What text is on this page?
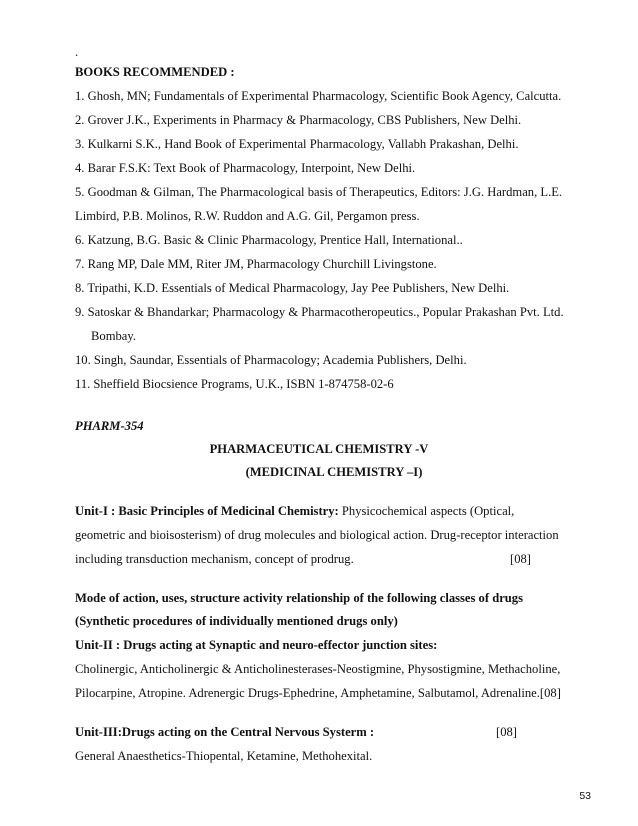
.
BOOKS RECOMMENDED :
1. Ghosh, MN; Fundamentals of Experimental Pharmacology, Scientific Book Agency, Calcutta.
2. Grover J.K., Experiments in Pharmacy & Pharmacology, CBS Publishers, New Delhi.
3. Kulkarni S.K., Hand Book of Experimental Pharmacology, Vallabh Prakashan, Delhi.
4. Barar F.S.K: Text Book of Pharmacology, Interpoint, New Delhi.
5. Goodman & Gilman, The Pharmacological basis of Therapeutics, Editors: J.G. Hardman, L.E.
Limbird, P.B. Molinos, R.W. Ruddon and A.G. Gil, Pergamon press.
6. Katzung, B.G. Basic & Clinic Pharmacology, Prentice Hall, International..
7. Rang MP, Dale MM, Riter JM, Pharmacology Churchill Livingstone.
8. Tripathi, K.D. Essentials of Medical Pharmacology, Jay Pee Publishers, New Delhi.
9. Satoskar & Bhandarkar; Pharmacology & Pharmacotheropeutics., Popular Prakashan Pvt. Ltd.
Bombay.
10. Singh, Saundar, Essentials of Pharmacology; Academia Publishers, Delhi.
11. Sheffield Biocsience Programs, U.K., ISBN 1-874758-02-6
PHARM-354
PHARMACEUTICAL CHEMISTRY -V
(MEDICINAL CHEMISTRY –I)
Unit-I : Basic Principles of Medicinal Chemistry: Physicochemical aspects (Optical,
geometric and bioisosterism) of drug molecules and biological action. Drug-receptor interaction
including transduction mechanism, concept of prodrug.	[08]
Mode of action, uses, structure activity relationship of the following classes of drugs
(Synthetic procedures of individually mentioned drugs only)
Unit-II : Drugs acting at Synaptic and neuro-effector junction sites:
Cholinergic, Anticholinergic & Anticholinesterases-Neostigmine, Physostigmine, Methacholine,
Pilocarpine, Atropine. Adrenergic Drugs-Ephedrine, Amphetamine, Salbutamol, Adrenaline.[08]
53
Unit-III:Drugs acting on the Central Nervous Systerm :	[08]
General Anaesthetics-Thiopental, Ketamine, Methohexital.
